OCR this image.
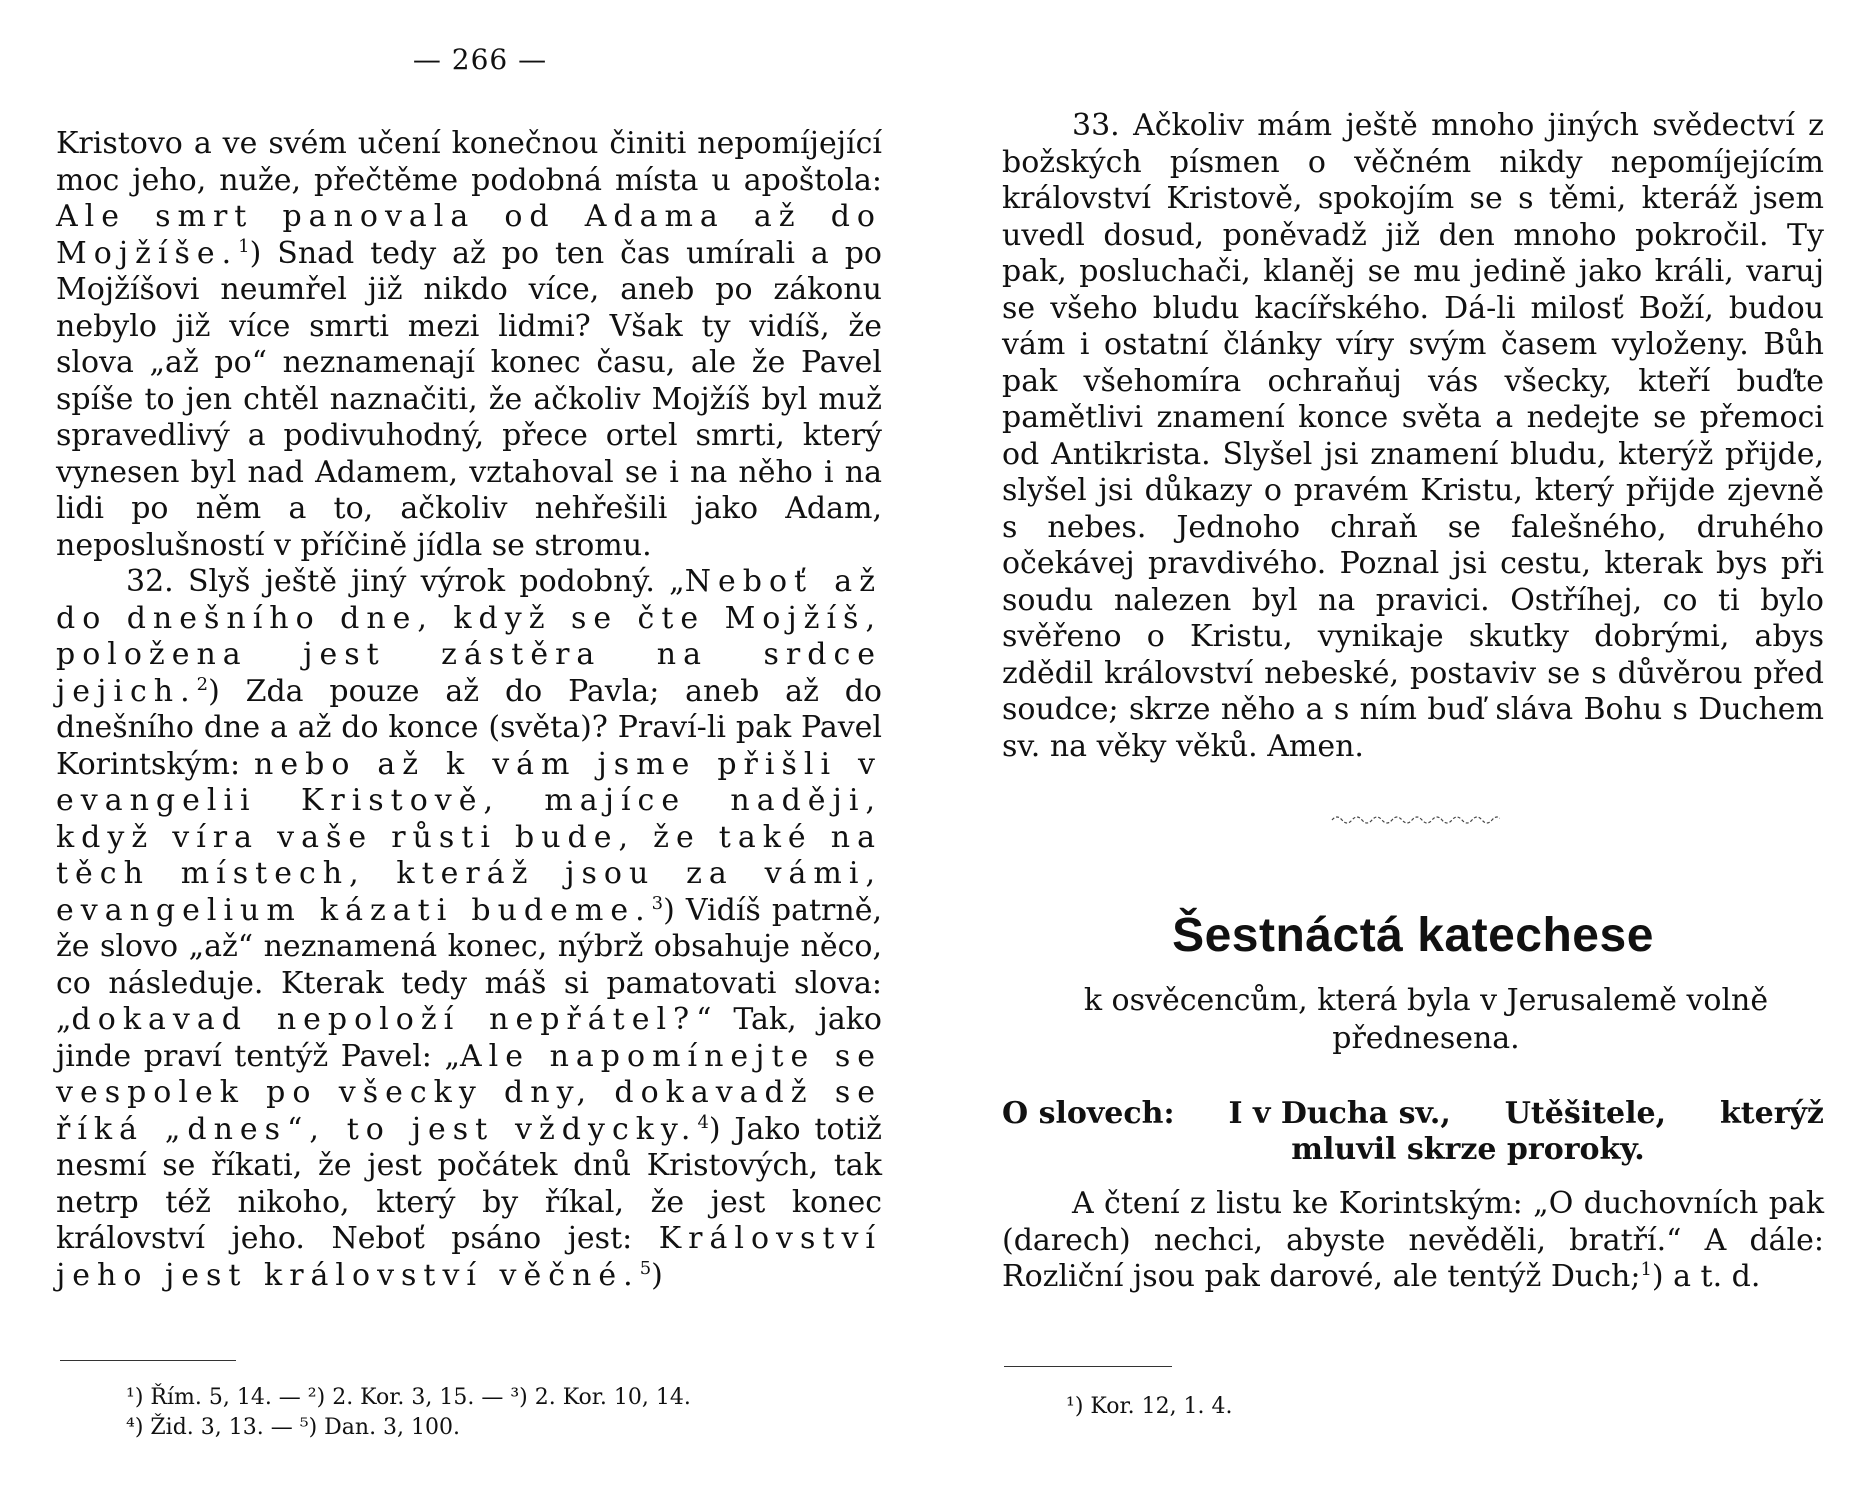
— 266 —

Kristovo a ve svém učení konečnou činiti nepomíjející moc jeho, nuže, přečtěme podobná místa u apoštola: Ale smrt panovala od Adama až do Mojžíše.$^1$) Snad tedy až po ten čas umírali a po Mojžíšovi neumřel již nikdo více, aneb po zákonu nebylo již více smrti mezi lidmi? Však ty vidíš, že slova „až po“ neznamenají konec času, ale že Pavel spíše to jen chtěl naznačiti, že ačkoliv Mojžíš byl muž spravedlivý a podivuhodný, přece ortel smrti, který vynesen byl nad Adamem, vztahoval se i na něho i na lidi po něm a to, ačkoliv nehřešili jako Adam, neposlušností v příčině jídla se stromu.

32. Slyš ještě jiný výrok podobný. „Neboť až do dnešního dne, když se čte Mojžíš, položena jest zástěra na srdce jejich.$^2$) Zda pouze až do Pavla; aneb až do dnešního dne a až do konce (světa)? Praví-li pak Pavel Korintským: nebo až k vám jsme přišli v evangelii Kristově, majíce naději, když víra vaše růsti bude, že také na těch místech, kteráž jsou za vámi, evangelium kázati budeme.$^3$) Vidíš patrně, že slovo „až“ neznamená konec, nýbrž obsahuje něco, co následuje. Kterak tedy máš si pamatovati slova: „dokavad nepoloží nepřátel?“ Tak, jako jinde praví tentýž Pavel: „Ale napomínejte se vespolek po všecky dny, dokavadž se říká „dnes“, to jest vždycky.$^4$) Jako totiž nesmí se říkati, že jest počátek dnů Kristových, tak netrp též nikoho, který by říkal, že jest konec království jeho. Neboť psáno jest: Království jeho jest království věčné.$^5$)

¹) Řím. 5, 14. — ²) 2. Kor. 3, 15. — ³) 2. Kor. 10, 14.
⁴) Žid. 3, 13. — ⁵) Dan. 3, 100.

33. Ačkoliv mám ještě mnoho jiných svědectví z božských písmen o věčném nikdy nepomíjejícím království Kristově, spokojím se s těmi, kteráž jsem uvedl dosud, poněvadž již den mnoho pokročil. Ty pak, posluchači, klaněj se mu jedině jako králi, varuj se všeho bludu kacířského. Dá-li milosť Boží, budou vám i ostatní články víry svým časem vyloženy. Bůh pak všehomíra ochraňuj vás všecky, kteří buďte pamětlivi znamení konce světa a nedejte se přemoci od Antikrista. Slyšel jsi znamení bludu, kterýž přijde, slyšel jsi důkazy o pravém Kristu, který přijde zjevně s nebes. Jednoho chraň se falešného, druhého očekávej pravdivého. Poznal jsi cestu, kterak bys při soudu nalezen byl na pravici. Ostříhej, co ti bylo svěřeno o Kristu, vynikaje skutky dobrými, abys zdědil království nebeské, postaviv se s důvěrou před soudce; skrze něho a s ním buď sláva Bohu s Duchem sv. na věky věků. Amen.

Šestnáctá katechese
k osvěcencům, která byla v Jerusalemě volně přednesena.
O slovech: I v Ducha sv., Utěšitele, kterýž
mluvil skrze proroky.

A čtení z listu ke Korintským: „O duchovních pak (darech) nechci, abyste nevěděli, bratří.“ A dále: Rozliční jsou pak darové, ale tentýž Duch;$^1$) a t. d.

¹) Kor. 12, 1. 4.
